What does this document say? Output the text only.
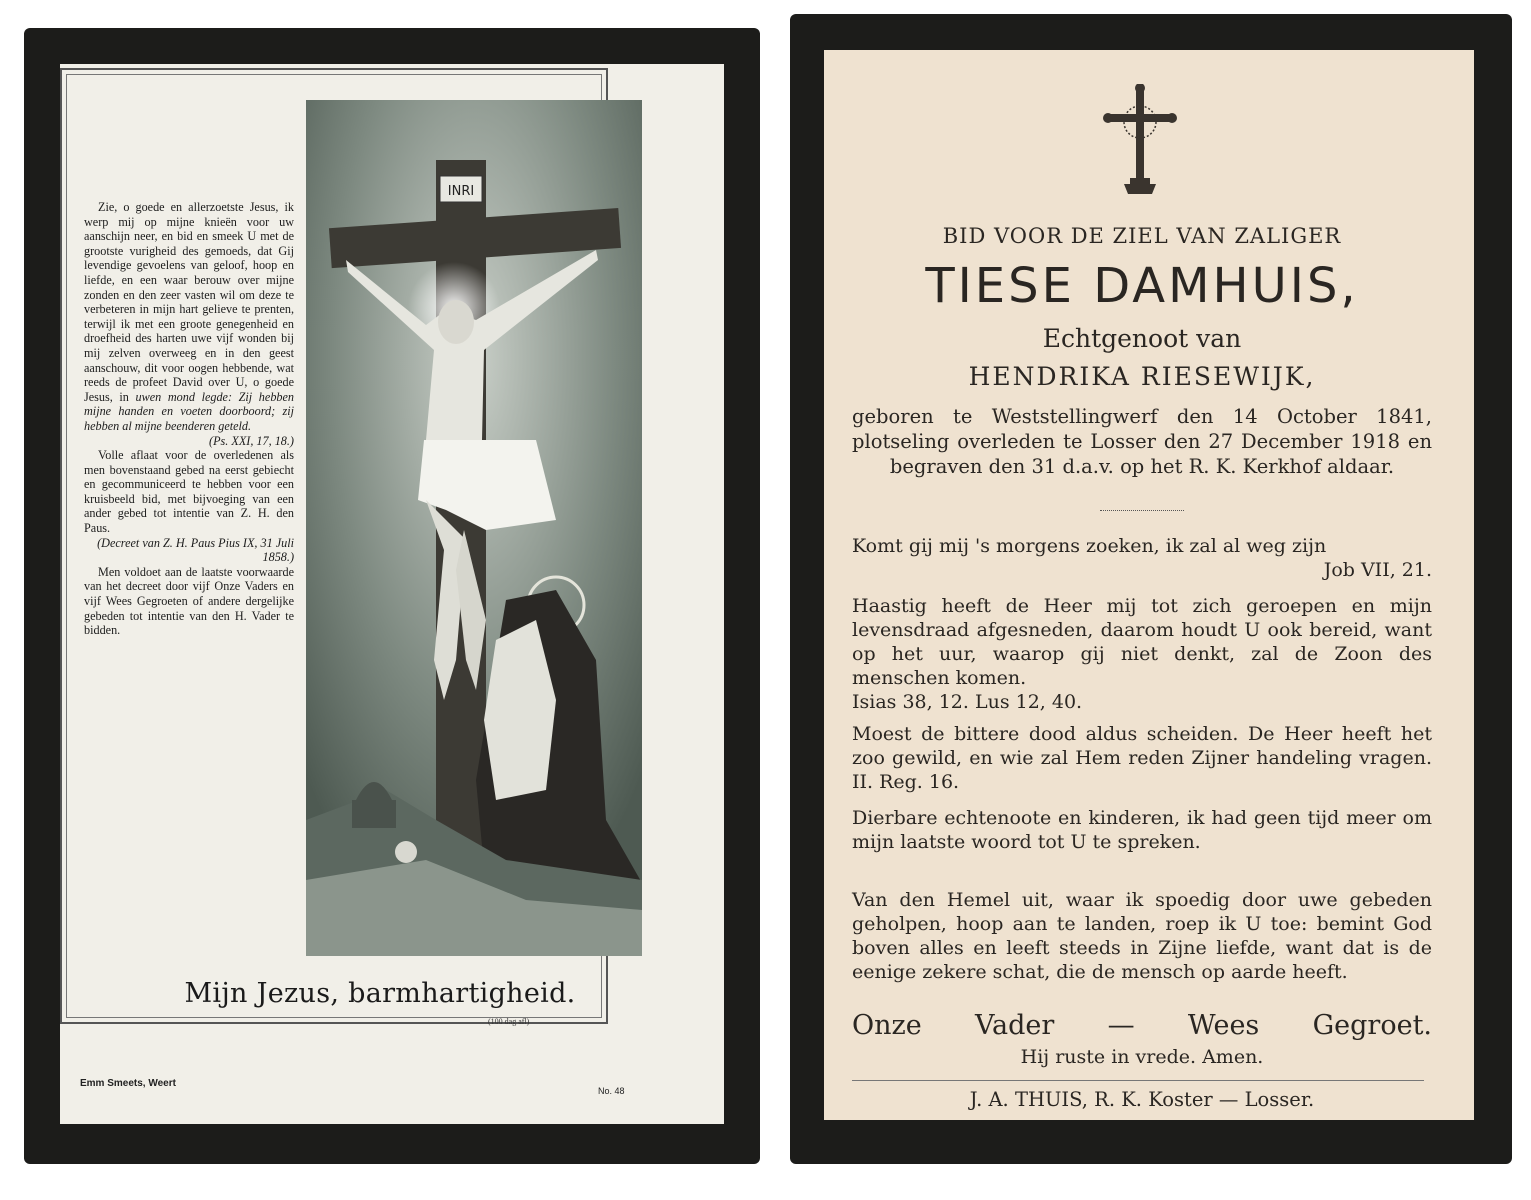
Zie, o goede en allerzoetste Jesus, ik werp mij op mijne knieën voor uw aanschijn neer, en bid en smeek U met de grootste vurigheid des gemoeds, dat Gij levendige gevoelens van geloof, hoop en liefde, en een waar berouw over mijne zonden en den zeer vasten wil om deze te verbeteren in mijn hart gelieve te prenten, terwijl ik met een groote genegenheid en droefheid des harten uwe vijf wonden bij mij zelven overweeg en in den geest aanschouw, dit voor oogen hebbende, wat reeds de profeet David over U, o goede Jesus, in uwen mond legde: Zij hebben mijne handen en voeten doorboord; zij hebben al mijne beenderen geteld.

(Ps. XXI, 17, 18.)

Volle aflaat voor de overledenen als men bovenstaand gebed na eerst gebiecht en gecommuniceerd te hebben voor een kruisbeeld bid, met bijvoeging van een ander gebed tot intentie van Z. H. den Paus.

(Decreet van Z. H. Paus Pius IX, 31 Juli 1858.)

Men voldoet aan de laatste voorwaarde van het decreet door vijf Onze Vaders en vijf Wees Gegroeten of andere dergelijke gebeden tot intentie van den H. Vader te bidden.

INRI
Mijn Jezus, barmhartigheid.
(100 dag afl)
Emm Smeets, Weert
No. 48
BID VOOR DE ZIEL VAN ZALIGER
TIESE DAMHUIS,
Echtgenoot van
HENDRIKA RIESEWIJK,
geboren te Weststellingwerf den 14 October 1841, plotseling overleden te Losser den 27 December 1918 en begraven den 31 d.a.v. op het R. K. Kerkhof aldaar.
Komt gij mij 's morgens zoeken, ik zal al weg zijn
Job VII, 21.
Haastig heeft de Heer mij tot zich geroepen en mijn levensdraad afgesneden, daarom houdt U ook bereid, want op het uur, waarop gij niet denkt, zal de Zoon des menschen komen.
Isias 38, 12. Lus 12, 40.
Moest de bittere dood aldus scheiden. De Heer heeft het zoo gewild, en wie zal Hem reden Zijner handeling vragen. II. Reg. 16.
Dierbare echtenoote en kinderen, ik had geen tijd meer om mijn laatste woord tot U te spreken.
Van den Hemel uit, waar ik spoedig door uwe gebeden geholpen, hoop aan te landen, roep ik U toe: bemint God boven alles en leeft steeds in Zijne liefde, want dat is de eenige zekere schat, die de mensch op aarde heeft.
Onze Vader — Wees Gegroet.
Hij ruste in vrede. Amen.
J. A. THUIS, R. K. Koster — Losser.
